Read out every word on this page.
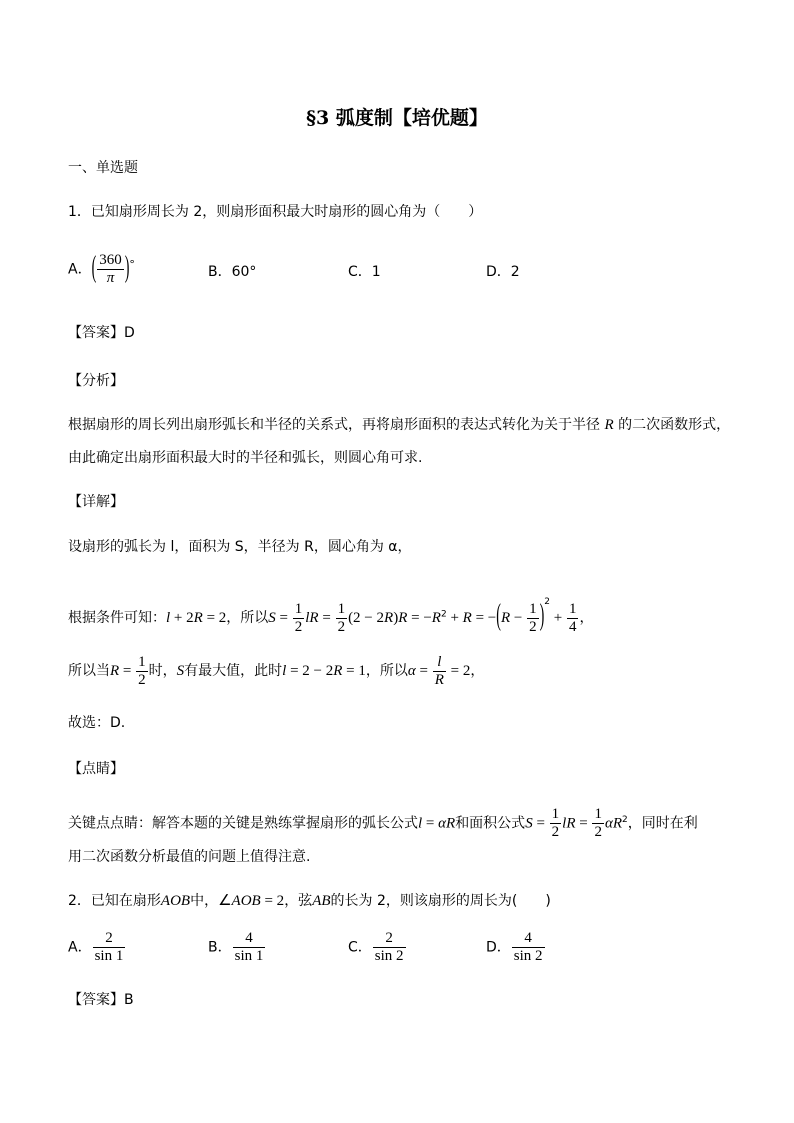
§3 弧度制【培优题】
一、单选题
1．已知扇形周长为 2，则扇形面积最大时扇形的圆心角为（　　）
A．( $\frac{360}{\pi} )^\circ$	B．60°	C．1	D．2
【答案】D
【分析】
根据扇形的周长列出扇形弧长和半径的关系式，再将扇形面积的表达式转化为关于半径 R 的二次函数形式，
由此确定出扇形面积最大时的半径和弧长，则圆心角可求.
【详解】
设扇形的弧长为 l，面积为 S，半径为 R，圆心角为 α，
根据条件可知：l + 2R = 2，所以$S = \frac{1}{2}$ lR = $\frac{1}{2} (2 - 2R)R = -R^2 + R = -(R - \frac{1}{2} )^2 + \frac{1}{4}$ ，
所以当$R = \frac{1}{2}$ 时，S有最大值，此时l = 2 − 2R = 1，所以$\alpha = \frac{l}{R} = 2$，
故选：D.
【点睛】
关键点点睛：解答本题的关键是熟练掌握扇形的弧长公式l = αR和面积公式$S = \frac{1}{2}$ lR = $\frac{1}{2} \alpha R^2$，同时在利
用二次函数分析最值的问题上值得注意.
2．已知在扇形AOB中，∠AOB = 2，弦AB的长为 2，则该扇形的周长为(　　)
A． $\frac{2}{\sin 1}$	B． $\frac{4}{\sin 1}$	C． $\frac{2}{\sin 2}$	D． $\frac{4}{\sin 2}$
【答案】B
